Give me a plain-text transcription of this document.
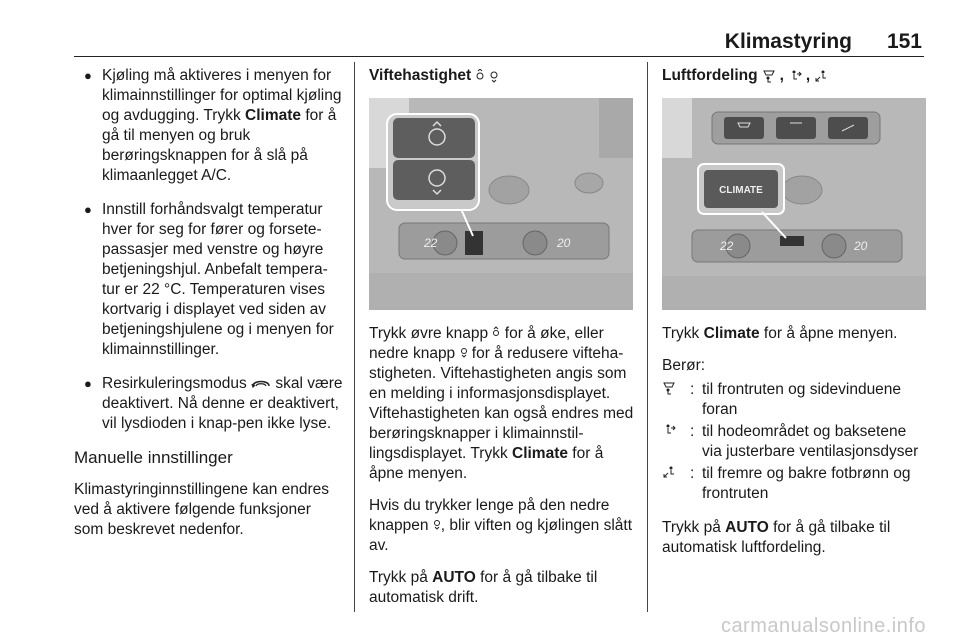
Klimastyring 151
● Kjøling må aktiveres i menyen for klimainnstillinger for optimal kjøling og avdugging. Trykk Climate for å gå til menyen og bruk berøringsknappen for å slå på klimaanlegget A/C.
● Innstill forhåndsvalgt temperatur hver for seg for fører og forsete-passasjer med venstre og høyre betjeningshjul. Anbefalt tempera-tur er 22 °C. Temperaturen vises kortvarig i displayet ved siden av betjeningshjulene og i menyen for klimainnstillinger.
● Resirkuleringsmodus  skal være deaktivert. Nå denne er deaktivert, vil lysdioden i knap-pen ikke lyse.
Manuelle innstillinger
Klimastyringinnstillingene kan endres ved å aktivere følgende funksjoner som beskrevet nedenfor.
Viftehastighet
22	20
Trykk øvre knapp  for å øke, eller nedre knapp  for å redusere vifteha-stigheten. Viftehastigheten angis som en melding i informasjonsdisplayet. Viftehastigheten kan også endres med berøringsknapper i klimainnstil-lingsdisplayet. Trykk Climate for å åpne menyen.
Hvis du trykker lenge på den nedre knappen , blir viften og kjølingen slått av.
Trykk på AUTO for å gå tilbake til automatisk drift.
Luftfordeling , ,
CLIMATE
22	20
Trykk Climate for å åpne menyen.
Berør:
: til frontruten og sidevinduene foran
: til hodeområdet og baksetene via justerbare ventilasjonsdyser
: til fremre og bakre fotbrønn og frontruten
Trykk på AUTO for å gå tilbake til automatisk luftfordeling.
carmanualsonline.info
